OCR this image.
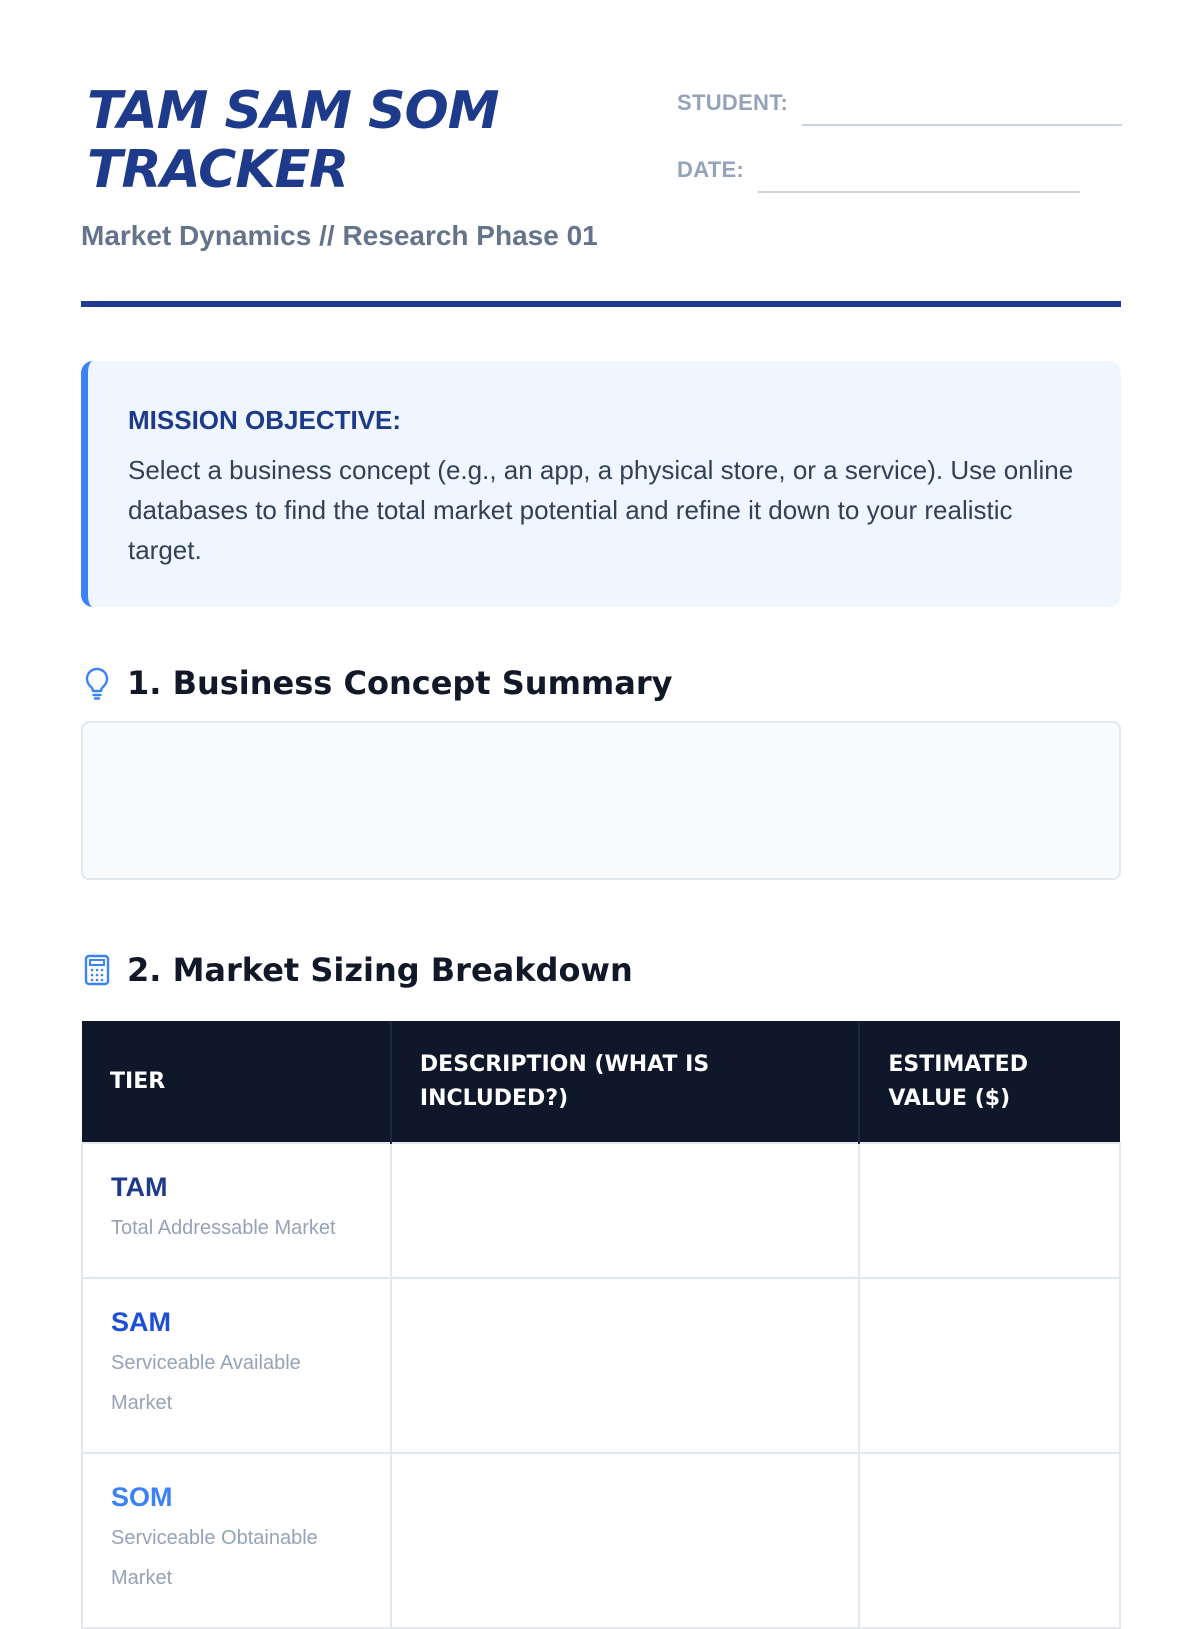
TAM SAM SOM TRACKER
Market Dynamics // Research Phase 01
STUDENT:
DATE:
MISSION OBJECTIVE:
Select a business concept (e.g., an app, a physical store, or a service). Use online databases to find the total market potential and refine it down to your realistic target.
1. Business Concept Summary
2. Market Sizing Breakdown
TIER	DESCRIPTION (WHAT IS INCLUDED?)	ESTIMATED VALUE ($)

TAM
Total Addressable Market		

SAM
Serviceable Available Market		

SOM
Serviceable Obtainable Market		
